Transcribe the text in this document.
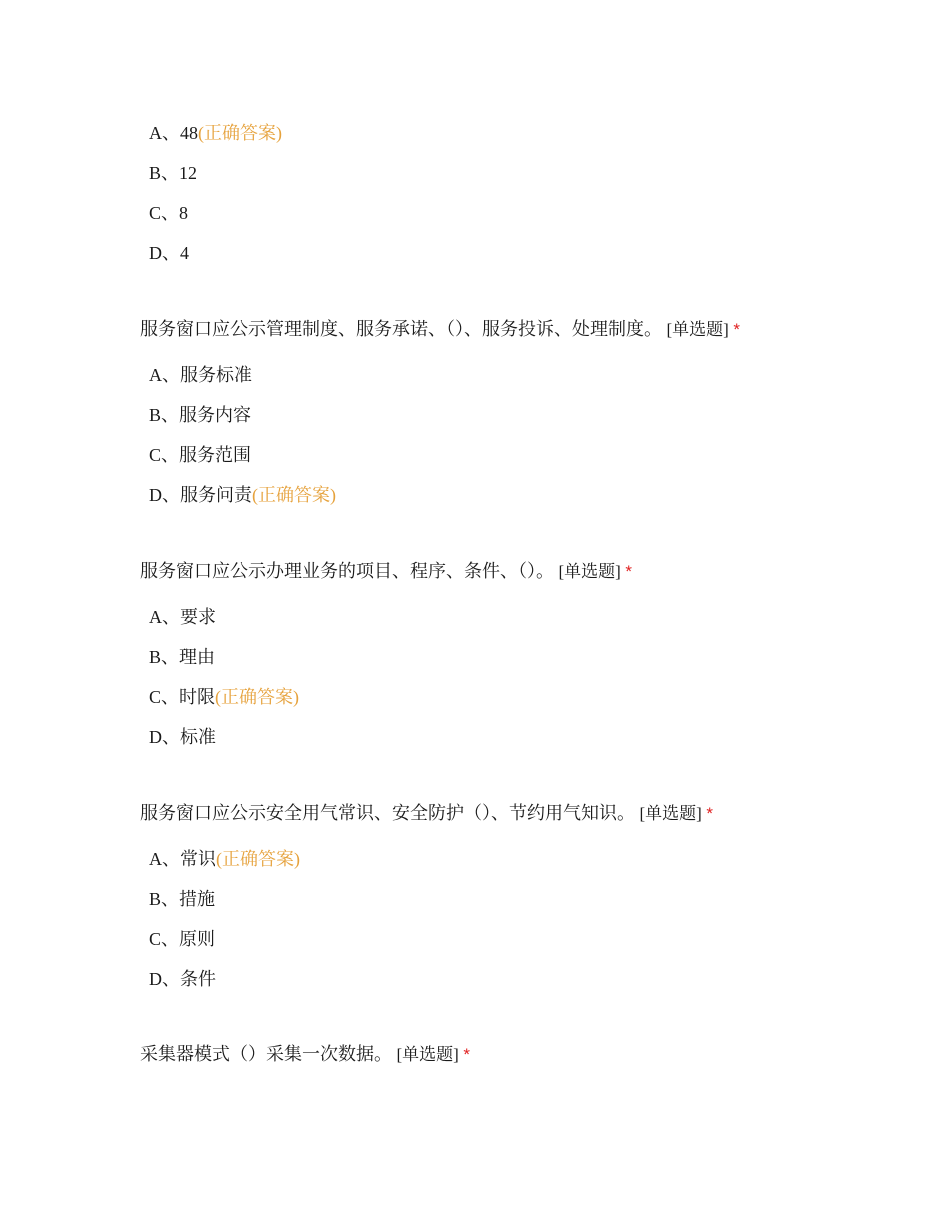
A、48(正确答案)
B、12
C、8
D、4
服务窗口应公示管理制度、服务承诺、（）、服务投诉、处理制度。 [单选题] *
A、服务标准
B、服务内容
C、服务范围
D、服务问责(正确答案)
服务窗口应公示办理业务的项目、程序、条件、（）。 [单选题] *
A、要求
B、理由
C、时限(正确答案)
D、标准
服务窗口应公示安全用气常识、安全防护（）、节约用气知识。 [单选题] *
A、常识(正确答案)
B、措施
C、原则
D、条件
采集器模式（）采集一次数据。 [单选题] *
